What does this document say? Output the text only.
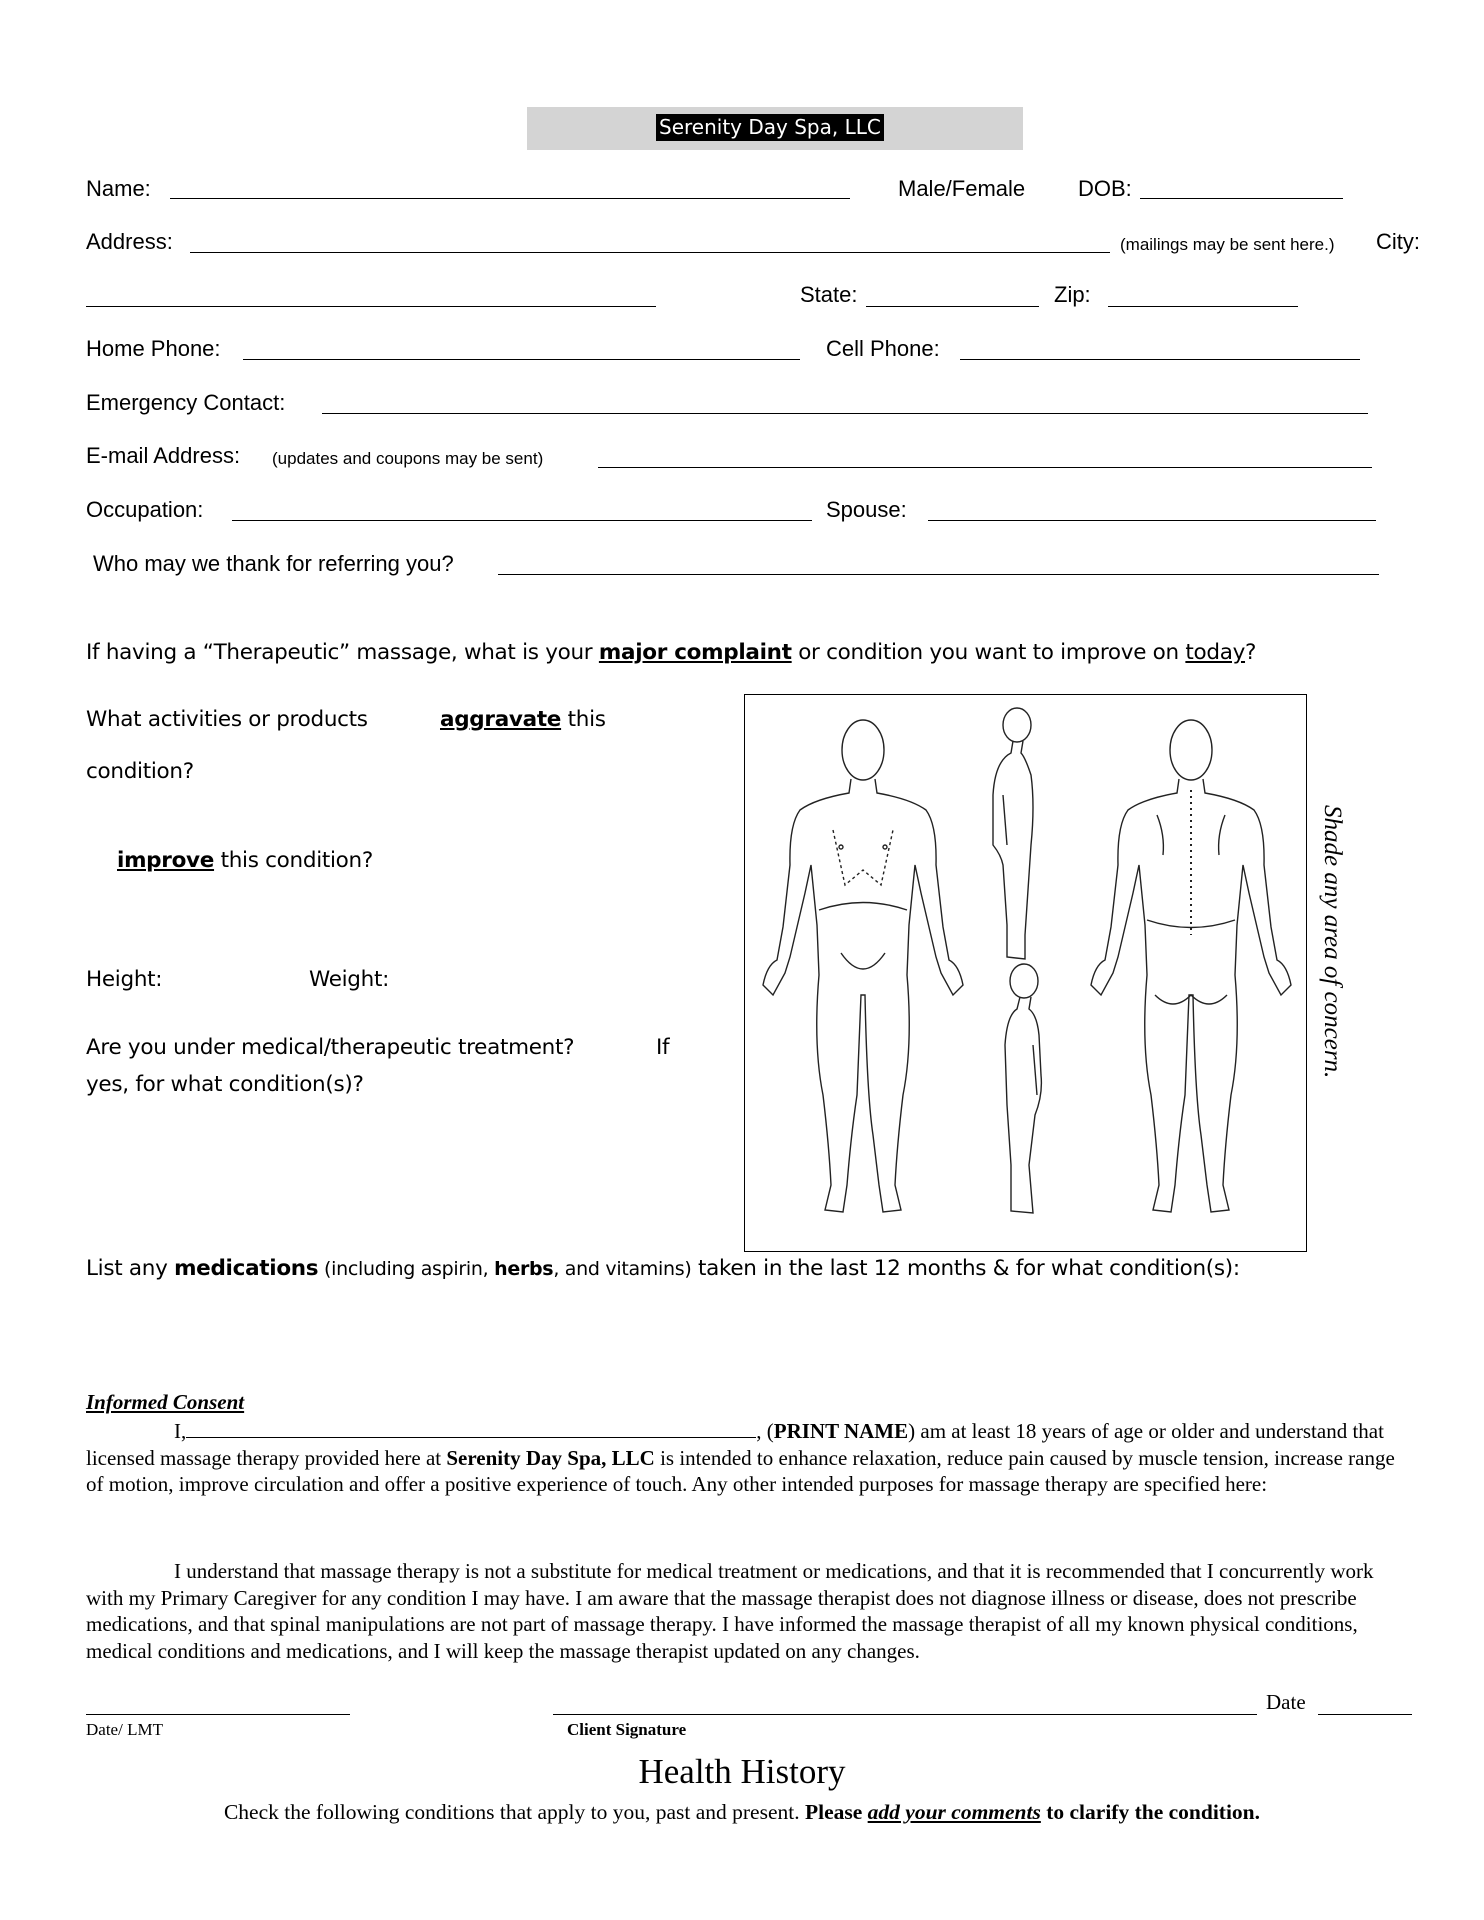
Serenity Day Spa, LLC
Name:	Male/Female DOB:
Address:	(mailings may be sent here.) City:
State:	Zip:
Home Phone:	Cell Phone:
Emergency Contact:
E-mail Address: (updates and coupons may be sent)
Occupation:	Spouse:
Who may we thank for referring you?
If having a “Therapeutic” massage, what is your major complaint or condition you want to improve on today?
What activities or products	aggravate this
condition?
improve this condition?
Height:	Weight:
Are you under medical/therapeutic treatment?	If
yes, for what condition(s)?
Shade any area of concern.
List any medications (including aspirin, herbs, and vitamins) taken in the last 12 months & for what condition(s):
Informed Consent
I,	, (PRINT NAME) am at least 18 years of age or older and understand that licensed massage therapy provided here at Serenity Day Spa, LLC is intended to enhance relaxation, reduce pain caused by muscle tension, increase range of motion, improve circulation and offer a positive experience of touch. Any other intended purposes for massage therapy are specified here:
I understand that massage therapy is not a substitute for medical treatment or medications, and that it is recommended that I concurrently work with my Primary Caregiver for any condition I may have. I am aware that the massage therapist does not diagnose illness or disease, does not prescribe medications, and that spinal manipulations are not part of massage therapy. I have informed the massage therapist of all my known physical conditions, medical conditions and medications, and I will keep the massage therapist updated on any changes.
Date
Date/ LMT	Client Signature
Health History
Check the following conditions that apply to you, past and present. Please add your comments to clarify the condition.
